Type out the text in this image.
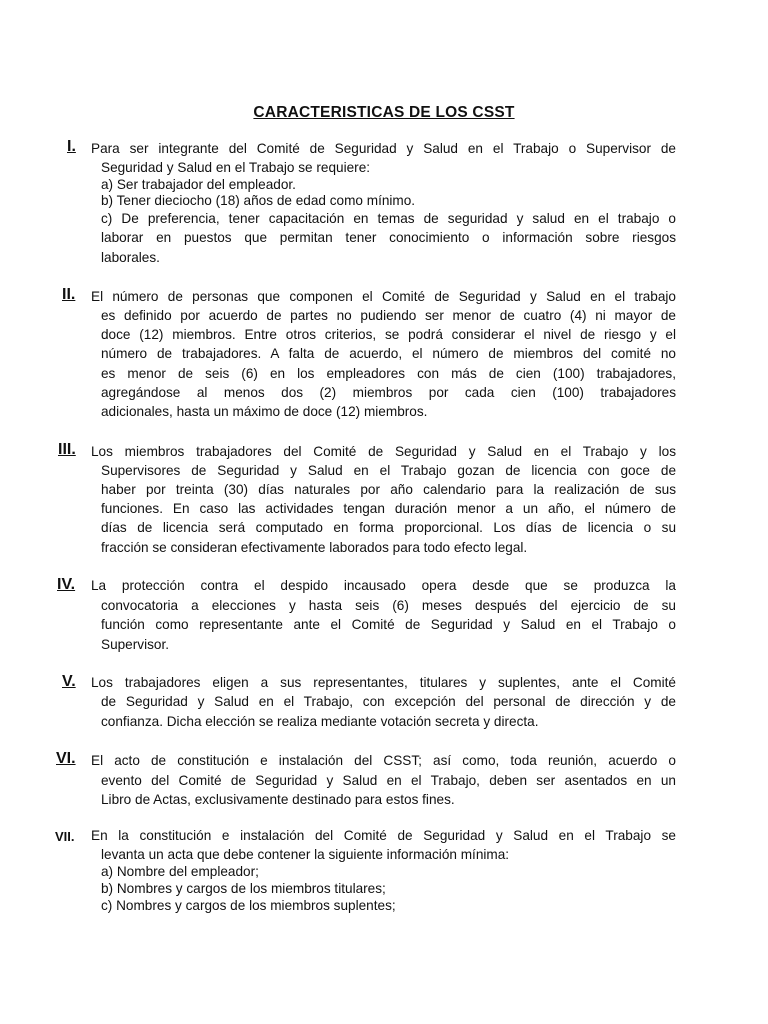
CARACTERISTICAS DE LOS CSST
I. Para ser integrante del Comité de Seguridad y Salud en el Trabajo o Supervisor de
Seguridad y Salud en el Trabajo se requiere:
a) Ser trabajador del empleador.
b) Tener dieciocho (18) años de edad como mínimo.
c) De preferencia, tener capacitación en temas de seguridad y salud en el trabajo o
laborar en puestos que permitan tener conocimiento o información sobre riesgos
laborales.
II. El número de personas que componen el Comité de Seguridad y Salud en el trabajo
es definido por acuerdo de partes no pudiendo ser menor de cuatro (4) ni mayor de
doce (12) miembros. Entre otros criterios, se podrá considerar el nivel de riesgo y el
número de trabajadores. A falta de acuerdo, el número de miembros del comité no
es menor de seis (6) en los empleadores con más de cien (100) trabajadores,
agregándose al menos dos (2) miembros por cada cien (100) trabajadores
adicionales, hasta un máximo de doce (12) miembros.
III. Los miembros trabajadores del Comité de Seguridad y Salud en el Trabajo y los
Supervisores de Seguridad y Salud en el Trabajo gozan de licencia con goce de
haber por treinta (30) días naturales por año calendario para la realización de sus
funciones. En caso las actividades tengan duración menor a un año, el número de
días de licencia será computado en forma proporcional. Los días de licencia o su
fracción se consideran efectivamente laborados para todo efecto legal.
IV. La protección contra el despido incausado opera desde que se produzca la
convocatoria a elecciones y hasta seis (6) meses después del ejercicio de su
función como representante ante el Comité de Seguridad y Salud en el Trabajo o
Supervisor.
V. Los trabajadores eligen a sus representantes, titulares y suplentes, ante el Comité
de Seguridad y Salud en el Trabajo, con excepción del personal de dirección y de
confianza. Dicha elección se realiza mediante votación secreta y directa.
VI. El acto de constitución e instalación del CSST; así como, toda reunión, acuerdo o
evento del Comité de Seguridad y Salud en el Trabajo, deben ser asentados en un
Libro de Actas, exclusivamente destinado para estos fines.
VII. En la constitución e instalación del Comité de Seguridad y Salud en el Trabajo se
levanta un acta que debe contener la siguiente información mínima:
a) Nombre del empleador;
b) Nombres y cargos de los miembros titulares;
c) Nombres y cargos de los miembros suplentes;
